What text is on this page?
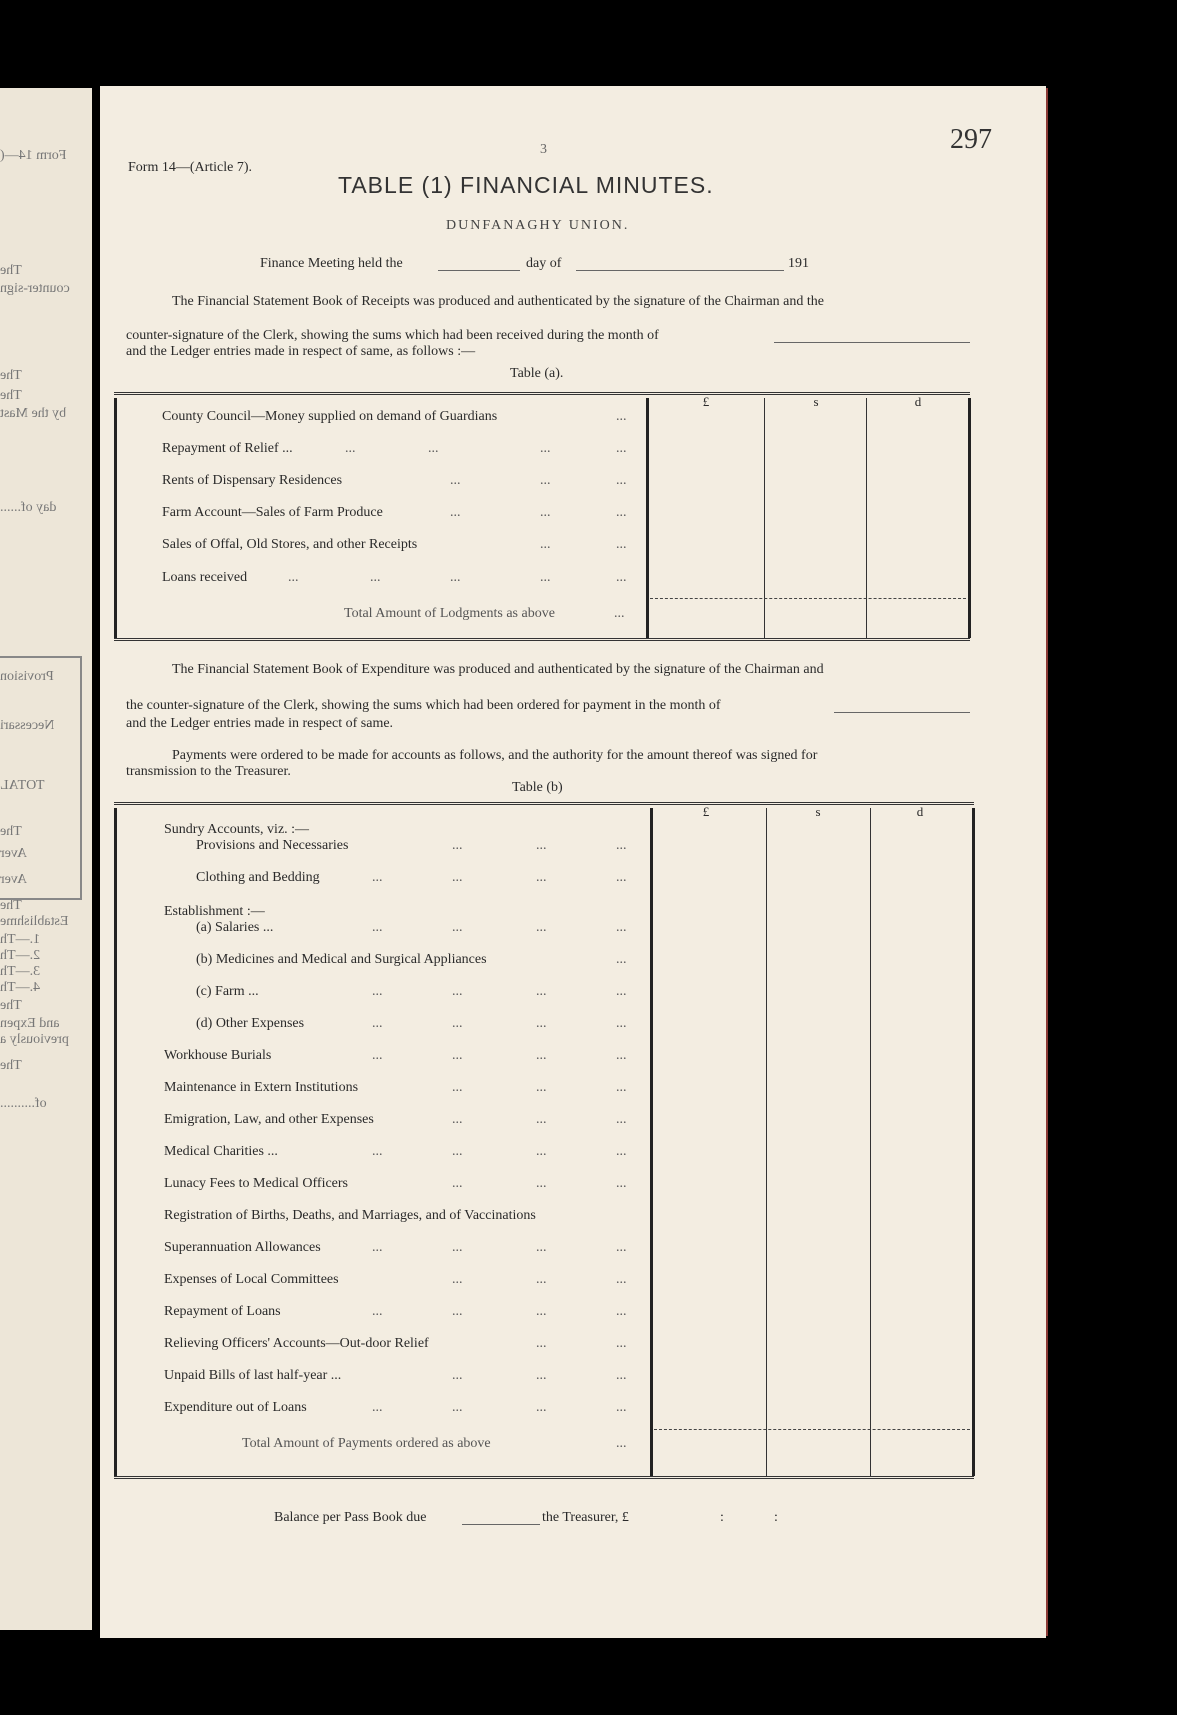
Form 14—(
The
counter-sign
The
The
by the Mast
day of......
Provision
Necessari
TOTAL
The
Aver
Aver
The
Establishme
1.—Th
2.—Th
3.—Th
4.—Th
The
and Expen
previously a
The
of..........
Form 14—(Article 7).
3	297
TABLE (1) FINANCIAL MINUTES.
DUNFANAGHY UNION.
Finance Meeting held the	day of	191
The Financial Statement Book of Receipts was produced and authenticated by the signature of the Chairman and the
counter-signature of the Clerk, showing the sums which had been received during the month of
and the Ledger entries made in respect of same, as follows :—
Table (a).
£	s	d
County Council—Money supplied on demand of Guardians	...
Repayment of Relief ...	...	...	...	...
Rents of Dispensary Residences	...	...	...
Farm Account—Sales of Farm Produce	...	...	...
Sales of Offal, Old Stores, and other Receipts	...	...
Loans received	...	...	...	...	...
Total Amount of Lodgments as above	...
The Financial Statement Book of Expenditure was produced and authenticated by the signature of the Chairman and
the counter-signature of the Clerk, showing the sums which had been ordered for payment in the month of
and the Ledger entries made in respect of same.
Payments were ordered to be made for accounts as follows, and the authority for the amount thereof was signed for
transmission to the Treasurer.
Table (b)
£	s	d
Sundry Accounts, viz. :—
Provisions and Necessaries	...	...	...
Clothing and Bedding	...	...	...	...
Establishment :—
(a) Salaries ...	...	...	...	...
(b) Medicines and Medical and Surgical Appliances	...
(c) Farm ...	...	...	...	...
(d) Other Expenses	...	...	...	...
Workhouse Burials	...	...	...	...
Maintenance in Extern Institutions	...	...	...
Emigration, Law, and other Expenses	...	...	...
Medical Charities ...	...	...	...	...
Lunacy Fees to Medical Officers	...	...	...
Registration of Births, Deaths, and Marriages, and of Vaccinations
Superannuation Allowances	...	...	...	...
Expenses of Local Committees	...	...	...
Repayment of Loans	...	...	...	...
Relieving Officers' Accounts—Out-door Relief	...	...
Unpaid Bills of last half-year ...	...	...	...
Expenditure out of Loans	...	...	...	...
Total Amount of Payments ordered as above	...
Balance per Pass Book due	the Treasurer, £	:	:
